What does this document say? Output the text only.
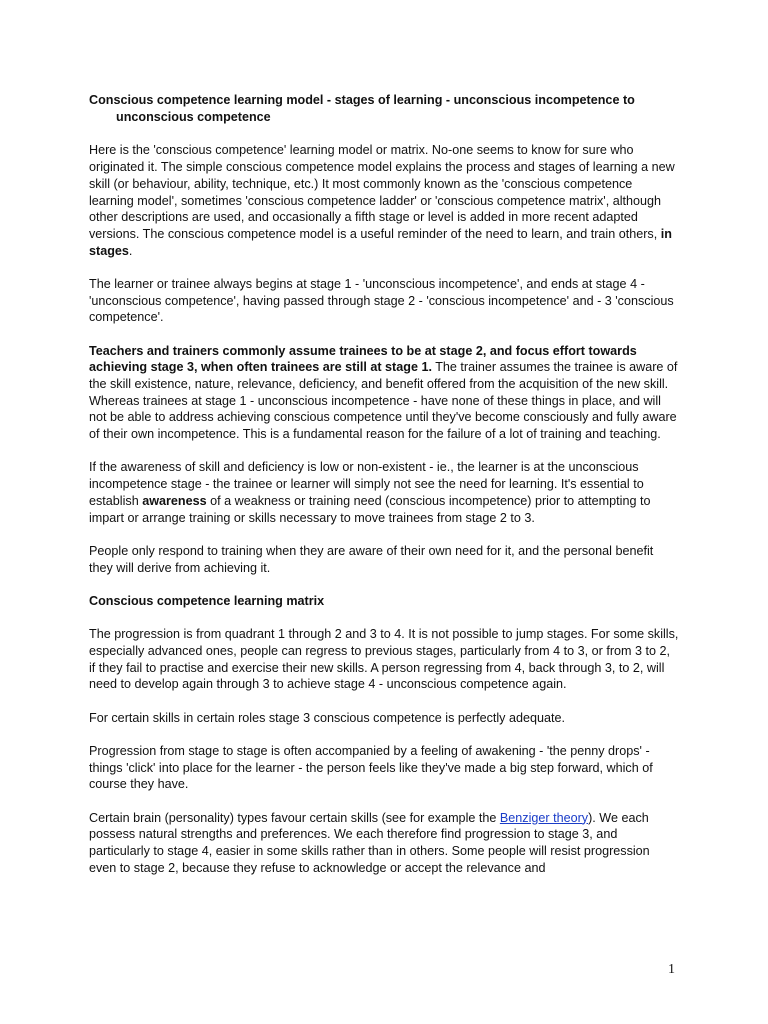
Conscious competence learning model - stages of learning - unconscious incompetence to unconscious competence

Here is the 'conscious competence' learning model or matrix. No-one seems to know for sure who originated it. The simple conscious competence model explains the process and stages of learning a new skill (or behaviour, ability, technique, etc.) It most commonly known as the 'conscious competence learning model', sometimes 'conscious competence ladder' or 'conscious competence matrix', although other descriptions are used, and occasionally a fifth stage or level is added in more recent adapted versions. The conscious competence model is a useful reminder of the need to learn, and train others, in stages.

The learner or trainee always begins at stage 1 - 'unconscious incompetence', and ends at stage 4 - 'unconscious competence', having passed through stage 2 - 'conscious incompetence' and - 3 'conscious competence'.

Teachers and trainers commonly assume trainees to be at stage 2, and focus effort towards achieving stage 3, when often trainees are still at stage 1. The trainer assumes the trainee is aware of the skill existence, nature, relevance, deficiency, and benefit offered from the acquisition of the new skill. Whereas trainees at stage 1 - unconscious incompetence - have none of these things in place, and will not be able to address achieving conscious competence until they've become consciously and fully aware of their own incompetence. This is a fundamental reason for the failure of a lot of training and teaching.

If the awareness of skill and deficiency is low or non-existent - ie., the learner is at the unconscious incompetence stage - the trainee or learner will simply not see the need for learning. It's essential to establish awareness of a weakness or training need (conscious incompetence) prior to attempting to impart or arrange training or skills necessary to move trainees from stage 2 to 3.

People only respond to training when they are aware of their own need for it, and the personal benefit they will derive from achieving it.

Conscious competence learning matrix

The progression is from quadrant 1 through 2 and 3 to 4. It is not possible to jump stages. For some skills, especially advanced ones, people can regress to previous stages, particularly from 4 to 3, or from 3 to 2, if they fail to practise and exercise their new skills. A person regressing from 4, back through 3, to 2, will need to develop again through 3 to achieve stage 4 - unconscious competence again.

For certain skills in certain roles stage 3 conscious competence is perfectly adequate.

Progression from stage to stage is often accompanied by a feeling of awakening - 'the penny drops' - things 'click' into place for the learner - the person feels like they've made a big step forward, which of course they have.

Certain brain (personality) types favour certain skills (see for example the Benziger theory). We each possess natural strengths and preferences. We each therefore find progression to stage 3, and particularly to stage 4, easier in some skills rather than in others. Some people will resist progression even to stage 2, because they refuse to acknowledge or accept the relevance and

1
